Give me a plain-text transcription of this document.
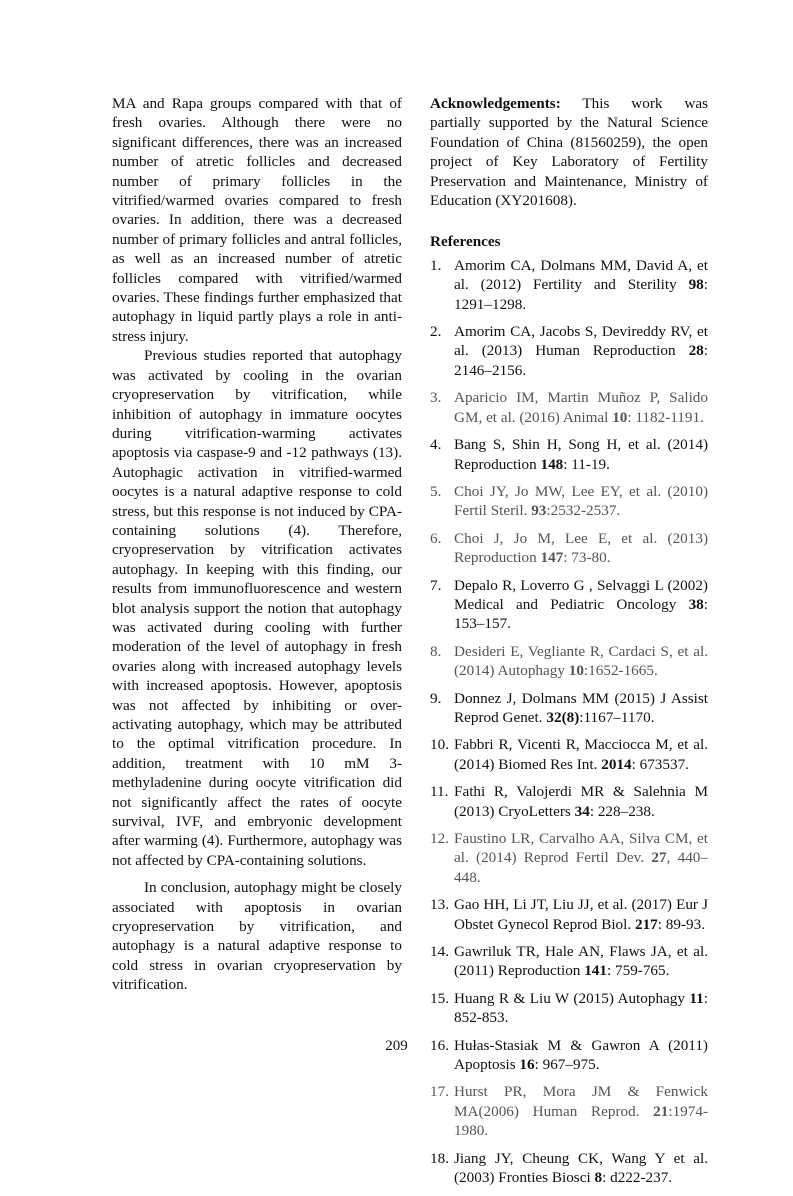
MA and Rapa groups compared with that of fresh ovaries. Although there were no significant differences, there was an increased number of atretic follicles and decreased number of primary follicles in the vitrified/warmed ovaries compared to fresh ovaries. In addition, there was a decreased number of primary follicles and antral follicles, as well as an increased number of atretic follicles compared with vitrified/warmed ovaries. These findings further emphasized that autophagy in liquid partly plays a role in anti-stress injury.

Previous studies reported that autophagy was activated by cooling in the ovarian cryopreservation by vitrification, while inhibition of autophagy in immature oocytes during vitrification-warming activates apoptosis via caspase-9 and -12 pathways (13). Autophagic activation in vitrified-warmed oocytes is a natural adaptive response to cold stress, but this response is not induced by CPA-containing solutions (4). Therefore, cryopreservation by vitrification activates autophagy. In keeping with this finding, our results from immunofluorescence and western blot analysis support the notion that autophagy was activated during cooling with further moderation of the level of autophagy in fresh ovaries along with increased autophagy levels with increased apoptosis. However, apoptosis was not affected by inhibiting or over-activating autophagy, which may be attributed to the optimal vitrification procedure. In addition, treatment with 10 mM 3-methyladenine during oocyte vitrification did not significantly affect the rates of oocyte survival, IVF, and embryonic development after warming (4). Furthermore, autophagy was not affected by CPA-containing solutions.

In conclusion, autophagy might be closely associated with apoptosis in ovarian cryopreservation by vitrification, and autophagy is a natural adaptive response to cold stress in ovarian cryopreservation by vitrification.

Acknowledgements: This work was partially supported by the Natural Science Foundation of China (81560259), the open project of Key Laboratory of Fertility Preservation and Maintenance, Ministry of Education (XY201608).

References
1. Amorim CA, Dolmans MM, David A, et al. (2012) Fertility and Sterility 98: 1291–1298.
2. Amorim CA, Jacobs S, Devireddy RV, et al. (2013) Human Reproduction 28: 2146–2156.
3. Aparicio IM, Martin Muñoz P, Salido GM, et al. (2016) Animal 10: 1182-1191.
4. Bang S, Shin H, Song H, et al. (2014) Reproduction 148: 11-19.
5. Choi JY, Jo MW, Lee EY, et al. (2010) Fertil Steril. 93:2532-2537.
6. Choi J, Jo M, Lee E, et al. (2013) Reproduction 147: 73-80.
7. Depalo R, Loverro G , Selvaggi L (2002) Medical and Pediatric Oncology 38: 153–157.
8. Desideri E, Vegliante R, Cardaci S, et al. (2014) Autophagy 10:1652-1665.
9. Donnez J, Dolmans MM (2015) J Assist Reprod Genet. 32(8):1167–1170.
10. Fabbri R, Vicenti R, Macciocca M, et al. (2014) Biomed Res Int. 2014: 673537.
11. Fathi R, Valojerdi MR & Salehnia M (2013) CryoLetters 34: 228–238.
12. Faustino LR, Carvalho AA, Silva CM, et al. (2014) Reprod Fertil Dev. 27, 440–448.
13. Gao HH, Li JT, Liu JJ, et al. (2017) Eur J Obstet Gynecol Reprod Biol. 217: 89-93.
14. Gawriluk TR, Hale AN, Flaws JA, et al. (2011) Reproduction 141: 759-765.
15. Huang R & Liu W (2015) Autophagy 11: 852-853.
16. Hułas-Stasiak M & Gawron A (2011) Apoptosis 16: 967–975.
17. Hurst PR, Mora JM & Fenwick MA(2006) Human Reprod. 21:1974-1980.
18. Jiang JY, Cheung CK, Wang Y et al. (2003) Fronties Biosci 8: d222-237.
209
